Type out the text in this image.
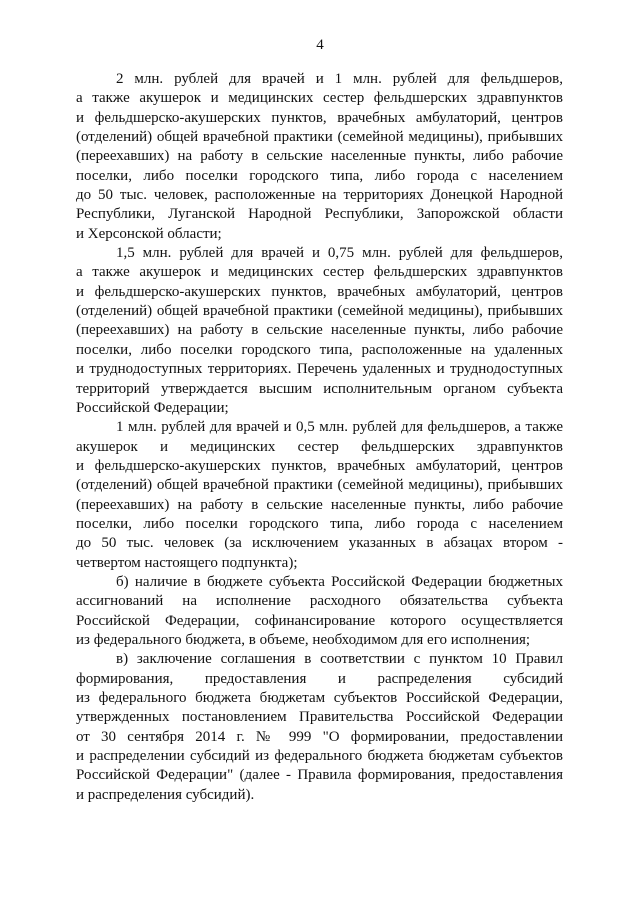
4
2 млн. рублей для врачей и 1 млн. рублей для фельдшеров,
а также акушерок и медицинских сестер фельдшерских здравпунктов
и фельдшерско-акушерских пунктов, врачебных амбулаторий, центров
(отделений) общей врачебной практики (семейной медицины), прибывших
(переехавших) на работу в сельские населенные пункты, либо рабочие
поселки, либо поселки городского типа, либо города с населением
до 50 тыс. человек, расположенные на территориях Донецкой Народной
Республики, Луганской Народной Республики, Запорожской области
и Херсонской области;
1,5 млн. рублей для врачей и 0,75 млн. рублей для фельдшеров,
а также акушерок и медицинских сестер фельдшерских здравпунктов
и фельдшерско-акушерских пунктов, врачебных амбулаторий, центров
(отделений) общей врачебной практики (семейной медицины), прибывших
(переехавших) на работу в сельские населенные пункты, либо рабочие
поселки, либо поселки городского типа, расположенные на удаленных
и труднодоступных территориях. Перечень удаленных и труднодоступных
территорий утверждается высшим исполнительным органом субъекта
Российской Федерации;
1 млн. рублей для врачей и 0,5 млн. рублей для фельдшеров, а также
акушерок и медицинских сестер фельдшерских здравпунктов
и фельдшерско-акушерских пунктов, врачебных амбулаторий, центров
(отделений) общей врачебной практики (семейной медицины), прибывших
(переехавших) на работу в сельские населенные пункты, либо рабочие
поселки, либо поселки городского типа, либо города с населением
до 50 тыс. человек (за исключением указанных в абзацах втором -
четвертом настоящего подпункта);
б) наличие в бюджете субъекта Российской Федерации бюджетных
ассигнований на исполнение расходного обязательства субъекта
Российской Федерации, софинансирование которого осуществляется
из федерального бюджета, в объеме, необходимом для его исполнения;
в) заключение соглашения в соответствии с пунктом 10 Правил
формирования, предоставления и распределения субсидий
из федерального бюджета бюджетам субъектов Российской Федерации,
утвержденных постановлением Правительства Российской Федерации
от 30 сентября 2014 г. № 999 "О формировании, предоставлении
и распределении субсидий из федерального бюджета бюджетам субъектов
Российской Федерации" (далее - Правила формирования, предоставления
и распределения субсидий).
